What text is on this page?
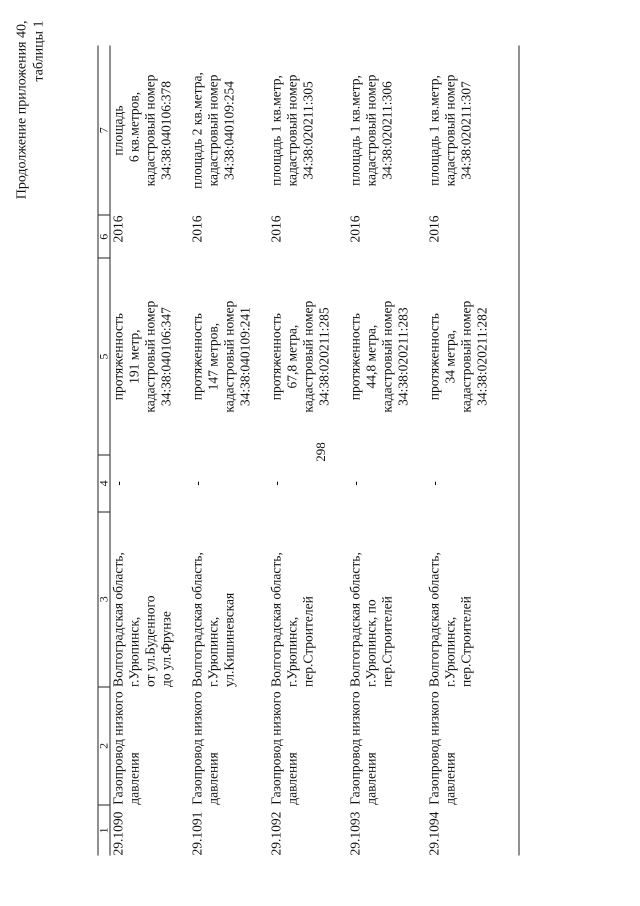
298
Продолжение приложения 40, таблицы 1
1	2	3	4	5	6	7
29.1090	Газопровод низкого давления	Волгоградская область, г.Урюпинск, от ул.Буденного до ул.Фрунзе	-	протяженность 191 метр, кадастровый номер 34:38:040106:347	2016	площадь 6 кв.метров, кадастровый номер 34:38:040106:378

29.1091	Газопровод низкого давления	Волгоградская область, г.Урюпинск, ул.Кишиневская	-	протяженность 147 метров, кадастровый номер 34:38:040109:241	2016	площадь 2 кв.метра, кадастровый номер 34:38:040109:254

29.1092	Газопровод низкого давления	Волгоградская область, г.Урюпинск, пер.Строителей	-	протяженность 67,8 метра, кадастровый номер 34:38:020211:285	2016	площадь 1 кв.метр, кадастровый номер 34:38:020211:305

29.1093	Газопровод низкого давления	Волгоградская область, г.Урюпинск, по пер.Строителей	-	протяженность 44,8 метра, кадастровый номер 34:38:020211:283	2016	площадь 1 кв.метр, кадастровый номер 34:38:020211:306

29.1094	Газопровод низкого давления	Волгоградская область, г.Урюпинск, пер.Строителей	-	протяженность 34 метра, кадастровый номер 34:38:020211:282	2016	площадь 1 кв.метр, кадастровый номер 34:38:020211:307
